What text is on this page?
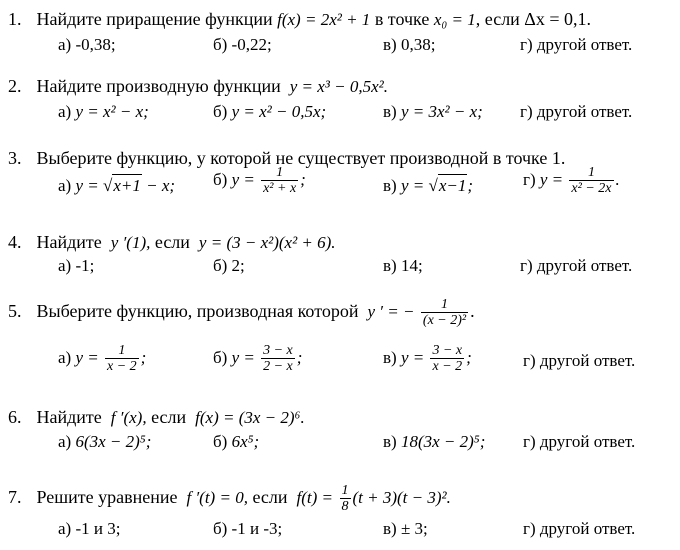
1. Найдите приращение функции f(x) = 2x² + 1 в точке x₀ = 1, если Δx = 0,1.
а) -0,38;	б) -0,22;	в) 0,38;	г) другой ответ.
2. Найдите производную функции y = x³ − 0,5x².
а) y = x² − x;	б) y = x² − 0,5x;	в) y = 3x² − x; г) другой ответ.
3. Выберите функцию, у которой не существует производной в точке 1.
а) y = √x+1 − x; б) $y = \frac{1}{\text{x² + x}}$ ;	в) y = √x−1;	г) $y = \frac{1}{\text{x² − 2x}}$ .
4. Найдите y ′(1), если y = (3 − x²)(x² + 6).
а) -1;	б) 2;	в) 14;	г) другой ответ.
5. Выберите функцию, производная которой y ′ = − $\frac{1}{\text{(x − 2)²}}$ .
а) $y = \frac{1}{x - 2}$ ;	б) $y = \frac{3 - x}{2 - x}$ ;	в) $y = \frac{3 - x}{x - 2}$ ;	г) другой ответ.
6. Найдите f ′(x), если f(x) = (3x − 2)⁶.
а) 6(3x − 2)⁵;	б) 6x⁵;	в) 18(3x − 2)⁵; г) другой ответ.
7. Решите уравнение f ′(t) = 0, если $f(t) = \frac{1}{8} (t + 3)(t - 3)^2$.
а) -1 и 3;	б) -1 и -3;	в) ± 3;	г) другой ответ.
